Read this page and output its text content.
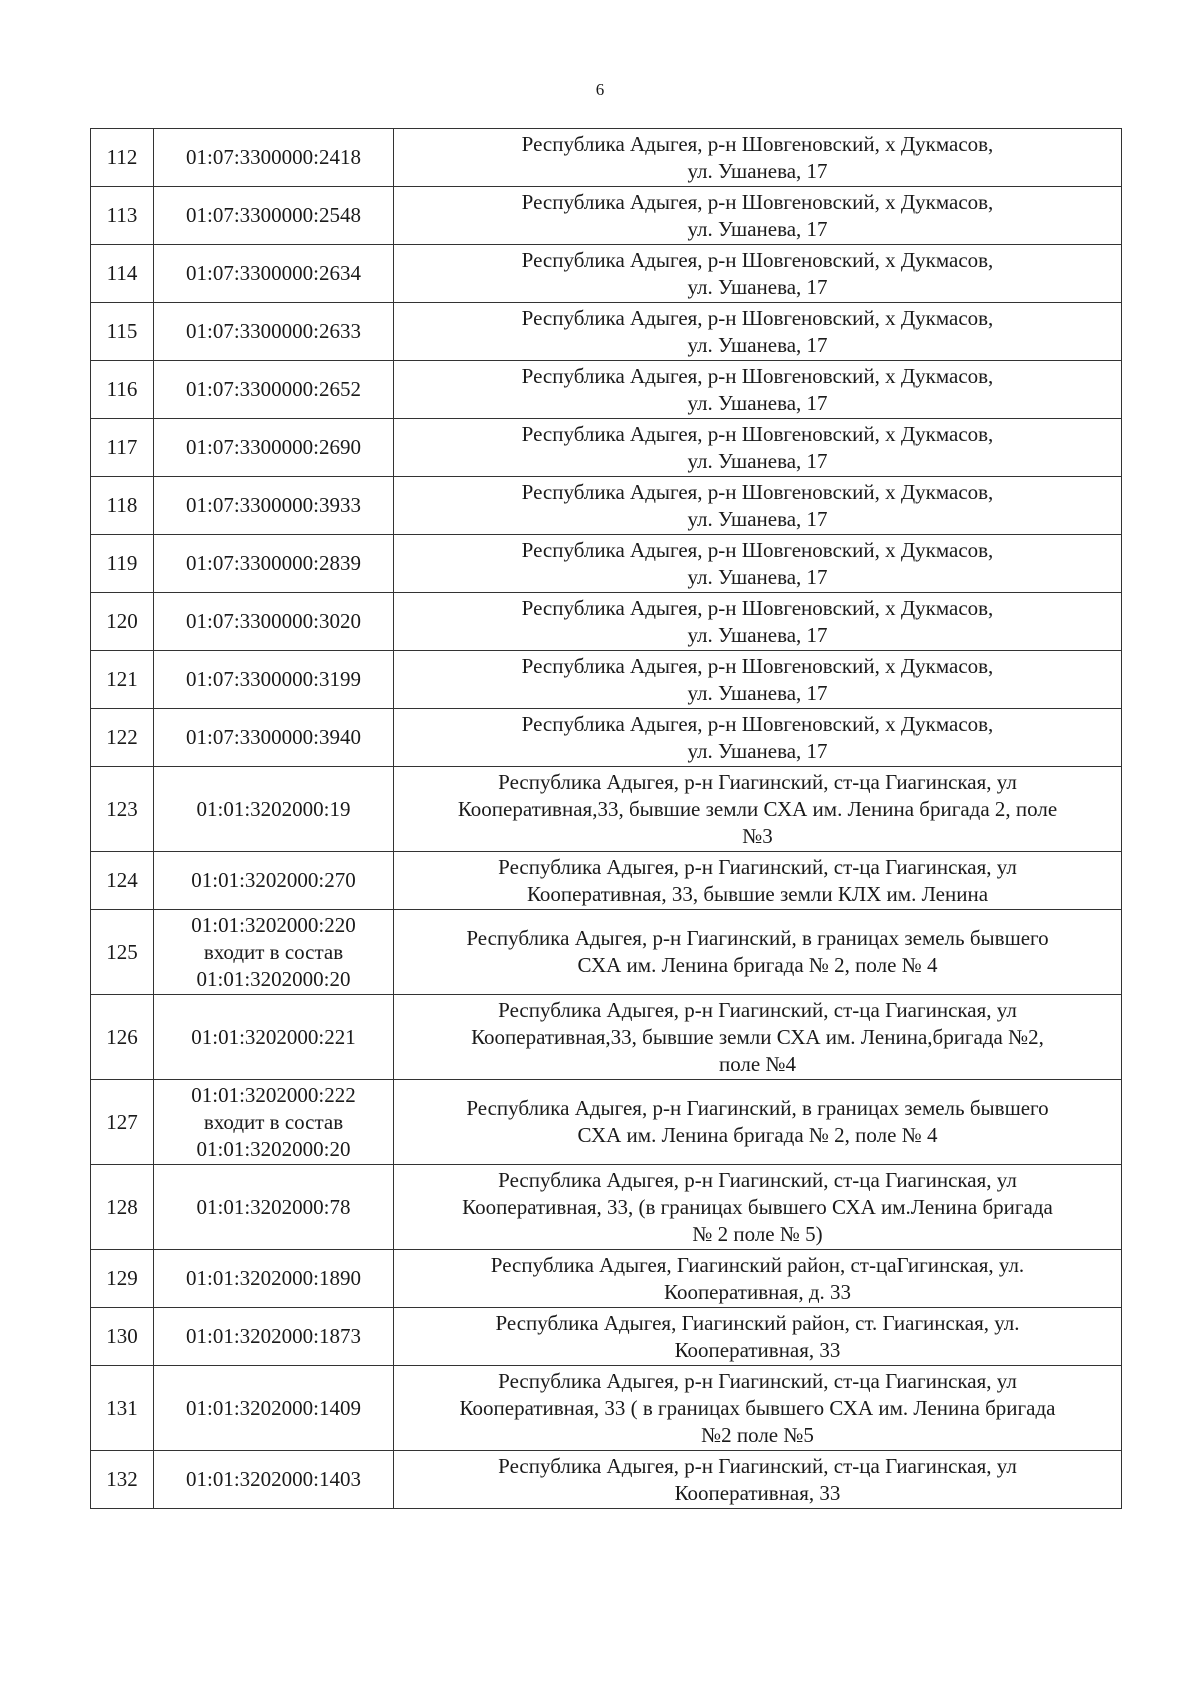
6
112	01:07:3300000:2418	Республика Адыгея, р-н Шовгеновский, х Дукмасов,
ул. Ушанева, 17

113	01:07:3300000:2548	Республика Адыгея, р-н Шовгеновский, х Дукмасов,
ул. Ушанева, 17

114	01:07:3300000:2634	Республика Адыгея, р-н Шовгеновский, х Дукмасов,
ул. Ушанева, 17

115	01:07:3300000:2633	Республика Адыгея, р-н Шовгеновский, х Дукмасов,
ул. Ушанева, 17

116	01:07:3300000:2652	Республика Адыгея, р-н Шовгеновский, х Дукмасов,
ул. Ушанева, 17

117	01:07:3300000:2690	Республика Адыгея, р-н Шовгеновский, х Дукмасов,
ул. Ушанева, 17

118	01:07:3300000:3933	Республика Адыгея, р-н Шовгеновский, х Дукмасов,
ул. Ушанева, 17

119	01:07:3300000:2839	Республика Адыгея, р-н Шовгеновский, х Дукмасов,
ул. Ушанева, 17

120	01:07:3300000:3020	Республика Адыгея, р-н Шовгеновский, х Дукмасов,
ул. Ушанева, 17

121	01:07:3300000:3199	Республика Адыгея, р-н Шовгеновский, х Дукмасов,
ул. Ушанева, 17

122	01:07:3300000:3940	Республика Адыгея, р-н Шовгеновский, х Дукмасов,
ул. Ушанева, 17

123	01:01:3202000:19	Республика Адыгея, р-н Гиагинский, ст-ца Гиагинская, ул
Кооперативная,33, бывшие земли СХА им. Ленина бригада 2, поле
№3

124	01:01:3202000:270	Республика Адыгея, р-н Гиагинский, ст-ца Гиагинская, ул
Кооперативная, 33, бывшие земли КЛХ им. Ленина

125	01:01:3202000:220
входит в состав
01:01:3202000:20	Республика Адыгея, р-н Гиагинский, в границах земель бывшего
СХА им. Ленина бригада № 2, поле № 4

126	01:01:3202000:221	Республика Адыгея, р-н Гиагинский, ст-ца Гиагинская, ул
Кооперативная,33, бывшие земли СХА им. Ленина,бригада №2,
поле №4

127	01:01:3202000:222
входит в состав
01:01:3202000:20	Республика Адыгея, р-н Гиагинский, в границах земель бывшего
СХА им. Ленина бригада № 2, поле № 4

128	01:01:3202000:78	Республика Адыгея, р-н Гиагинский, ст-ца Гиагинская, ул
Кооперативная, 33, (в границах бывшего СХА им.Ленина бригада
№ 2 поле № 5)

129	01:01:3202000:1890	Республика Адыгея, Гиагинский район, ст-цаГигинская, ул.
Кооперативная, д. 33

130	01:01:3202000:1873	Республика Адыгея, Гиагинский район, ст. Гиагинская, ул.
Кооперативная, 33

131	01:01:3202000:1409	Республика Адыгея, р-н Гиагинский, ст-ца Гиагинская, ул
Кооперативная, 33 ( в границах бывшего СХА им. Ленина бригада
№2 поле №5

132	01:01:3202000:1403	Республика Адыгея, р-н Гиагинский, ст-ца Гиагинская, ул
Кооперативная, 33
